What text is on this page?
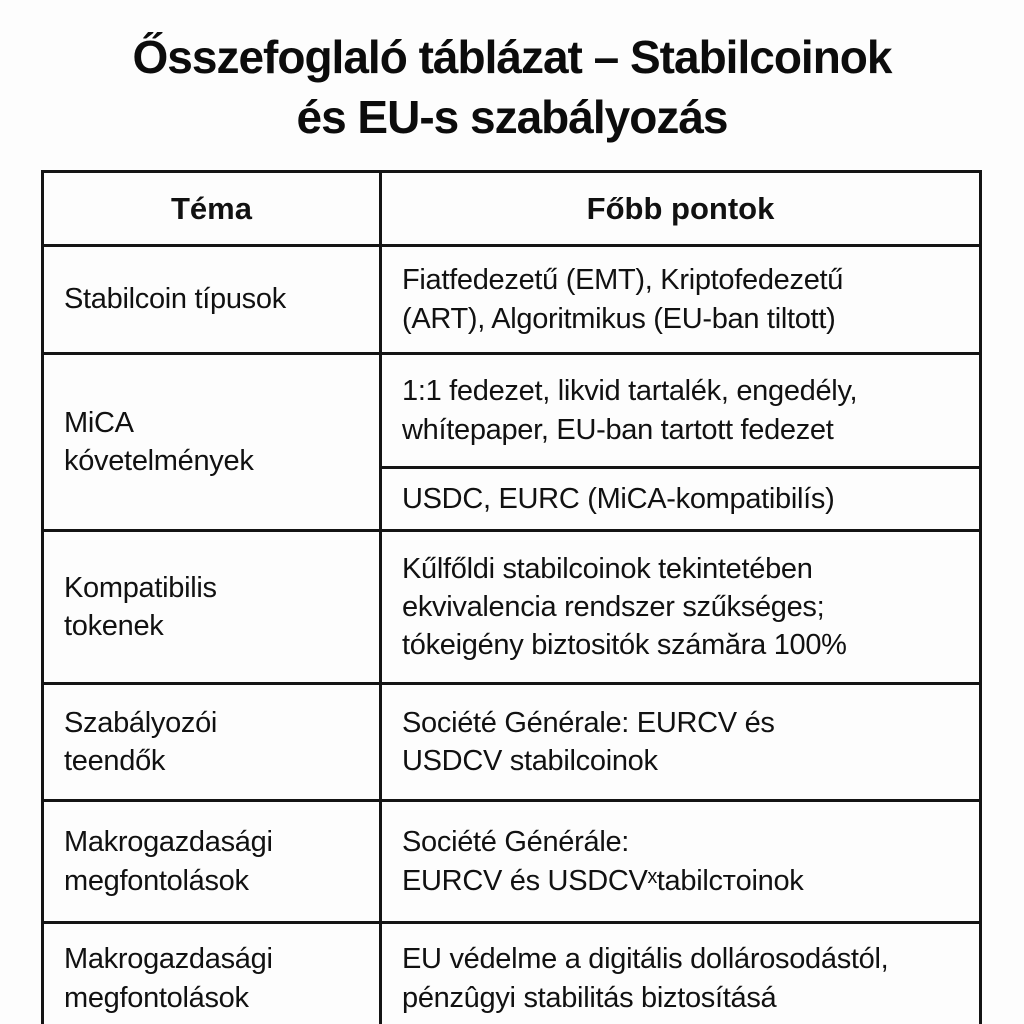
Ősszefoglaló táblázat – Stabilcoinok
és EU-s szabályozás
Téma	Főbb pontok
Stabilcoin típusok
Fiatfedezetű (EMT), Kriptofedezetű
(ART), Algoritmikus (EU-ban tiltott)
MiCA
kóvetelmények
1:1 fedezet, likvid tartalék, engedély,
whítepaper, EU-ban tartott fedezet
USDC, EURC (MiCA-kompatibilís)
Kompatibilis
tokenek
Kűlfőldi stabilcoinok tekintetében
ekvivalencia rendszer szűkséges;
tókeigény biztositók számăra 100%
Szabályozói
teendők
Société Générale: EURCV és
USDCV stabilcoinok
Makrogazdasági
megfontolások
Société Générále:
EURCV és USDCVˣtabilcтoinok
Makrogazdasági
megfontolások
EU védelme a digitális dollárosodástól,
pénzûgyi stabilitás biztosításá
